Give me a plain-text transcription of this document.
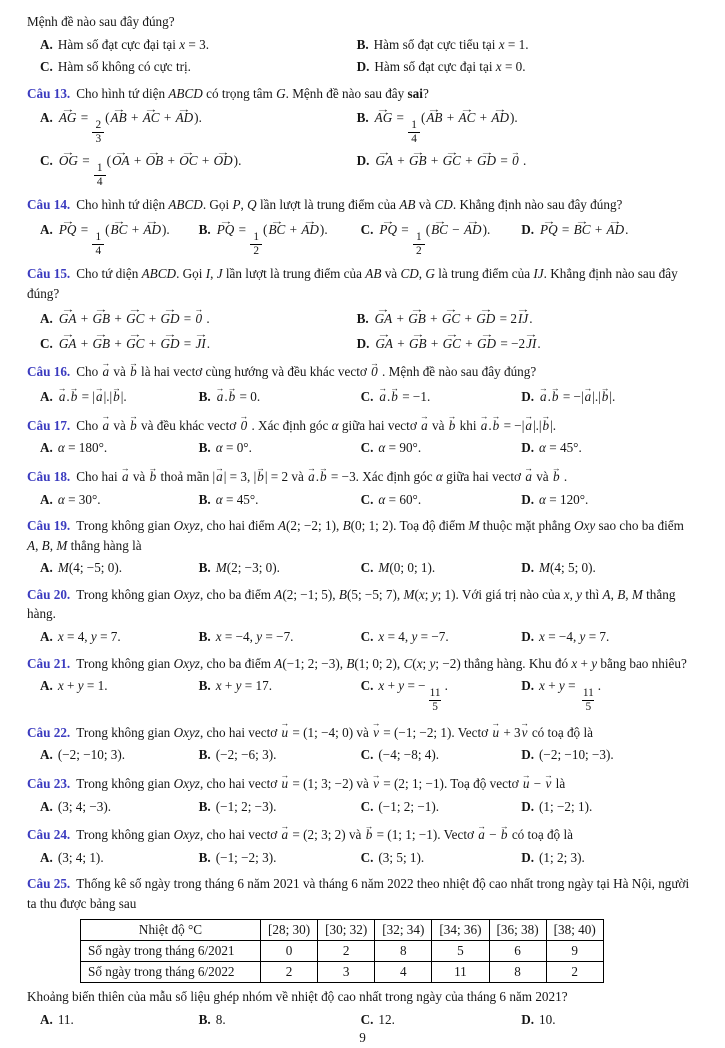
Mệnh đề nào sau đây đúng?

A. Hàm số đạt cực đại tại x = 3.	B. Hàm số đạt cực tiểu tại x = 1.
C. Hàm số không có cực trị.	D. Hàm số đạt cực đại tại x = 0.

Câu 13. Cho hình tứ diện ABCD có trọng tâm G. Mệnh đề nào sau đây sai?

A. AG → =
$\frac{2}{3}$
(AB → + AC → + AD →).	B. AG → =
$\frac{1}{4}$
(AB → + AC → + AD →).
C. OG → =
$\frac{1}{4}$
(OA → + OB → + OC → + OD →).	D. GA → + GB → + GC → + GD → = 0 → .

Câu 14. Cho hình tứ diện ABCD. Gọi P, Q lần lượt là trung điểm của AB và CD. Khẳng định nào sau đây đúng?

A. PQ → =
$\frac{1}{4}$
(BC → + AD →).	B. PQ → =
$\frac{1}{2}$
(BC → + AD →).	C. PQ → =
$\frac{1}{2}$
(BC → − AD →).	D. PQ → = BC → + AD →.

Câu 15. Cho tứ diện ABCD. Gọi I, J lần lượt là trung điểm của AB và CD, G là trung điểm của IJ. Khẳng định nào sau đây đúng?

A. GA → + GB → + GC → + GD → = 0 → .	B. GA → + GB → + GC → + GD → = 2IJ →.
C. GA → + GB → + GC → + GD → = JI →.	D. GA → + GB → + GC → + GD → = −2JI →.

Câu 16. Cho a → và b → là hai vectơ cùng hướng và đều khác vectơ 0 → . Mệnh đề nào sau đây đúng?

A. a →.b → = |a →|.|b →|.	B. a →.b → = 0.	C. a →.b → = −1.	D. a →.b → = −|a →|.|b →|.

Câu 17. Cho a → và b → và đều khác vectơ 0 → . Xác định góc α giữa hai vectơ a → và b → khi a →.b → = −|a →|.|b →|.

A. α = 180°.	B. α = 0°.	C. α = 90°.	D. α = 45°.

Câu 18. Cho hai a → và b → thoả mãn |a →| = 3, |b →| = 2 và a →.b → = −3. Xác định góc α giữa hai vectơ a → và b → .

A. α = 30°.	B. α = 45°.	C. α = 60°.	D. α = 120°.

Câu 19. Trong không gian Oxyz, cho hai điểm A(2; −2; 1), B(0; 1; 2). Toạ độ điểm M thuộc mặt phẳng Oxy sao cho ba điểm A, B, M thẳng hàng là

A. M(4; −5; 0).	B. M(2; −3; 0).	C. M(0; 0; 1).	D. M(4; 5; 0).

Câu 20. Trong không gian Oxyz, cho ba điểm A(2; −1; 5), B(5; −5; 7), M(x; y; 1). Với giá trị nào của x, y thì A, B, M thẳng hàng.

A. x = 4, y = 7.	B. x = −4, y = −7.	C. x = 4, y = −7.	D. x = −4, y = 7.

Câu 21. Trong không gian Oxyz, cho ba điểm A(−1; 2; −3), B(1; 0; 2), C(x; y; −2) thẳng hàng. Khu đó x + y bằng bao nhiêu?

A. x + y = 1.	B. x + y = 17.	C. x + y = −
$\frac{11}{5}$
.	D. x + y =
$\frac{11}{5}$
.

Câu 22. Trong không gian Oxyz, cho hai vectơ u → = (1; −4; 0) và v → = (−1; −2; 1). Vectơ u → + 3v → có toạ độ là

A. (−2; −10; 3).	B. (−2; −6; 3).	C. (−4; −8; 4).	D. (−2; −10; −3).

Câu 23. Trong không gian Oxyz, cho hai vectơ u → = (1; 3; −2) và v → = (2; 1; −1). Toạ độ vectơ u → − v → là

A. (3; 4; −3).	B. (−1; 2; −3).	C. (−1; 2; −1).	D. (1; −2; 1).

Câu 24. Trong không gian Oxyz, cho hai vectơ a → = (2; 3; 2) và b → = (1; 1; −1). Vectơ a → − b → có toạ độ là

A. (3; 4; 1).	B. (−1; −2; 3).	C. (3; 5; 1).	D. (1; 2; 3).

Câu 25. Thống kê số ngày trong tháng 6 năm 2021 và tháng 6 năm 2022 theo nhiệt độ cao nhất trong ngày tại Hà Nội, người ta thu được bảng sau

Nhiệt độ °C	[28; 30)	[30; 32)	[32; 34)	[34; 36)	[36; 38)	[38; 40)
Số ngày trong tháng 6/2021	0	2	8	5	6	9
Số ngày trong tháng 6/2022	2	3	4	11	8	2

Khoảng biến thiên của mẫu số liệu ghép nhóm về nhiệt độ cao nhất trong ngày của tháng 6 năm 2021?

A. 11.	B. 8.	C. 12.	D. 10.
9
